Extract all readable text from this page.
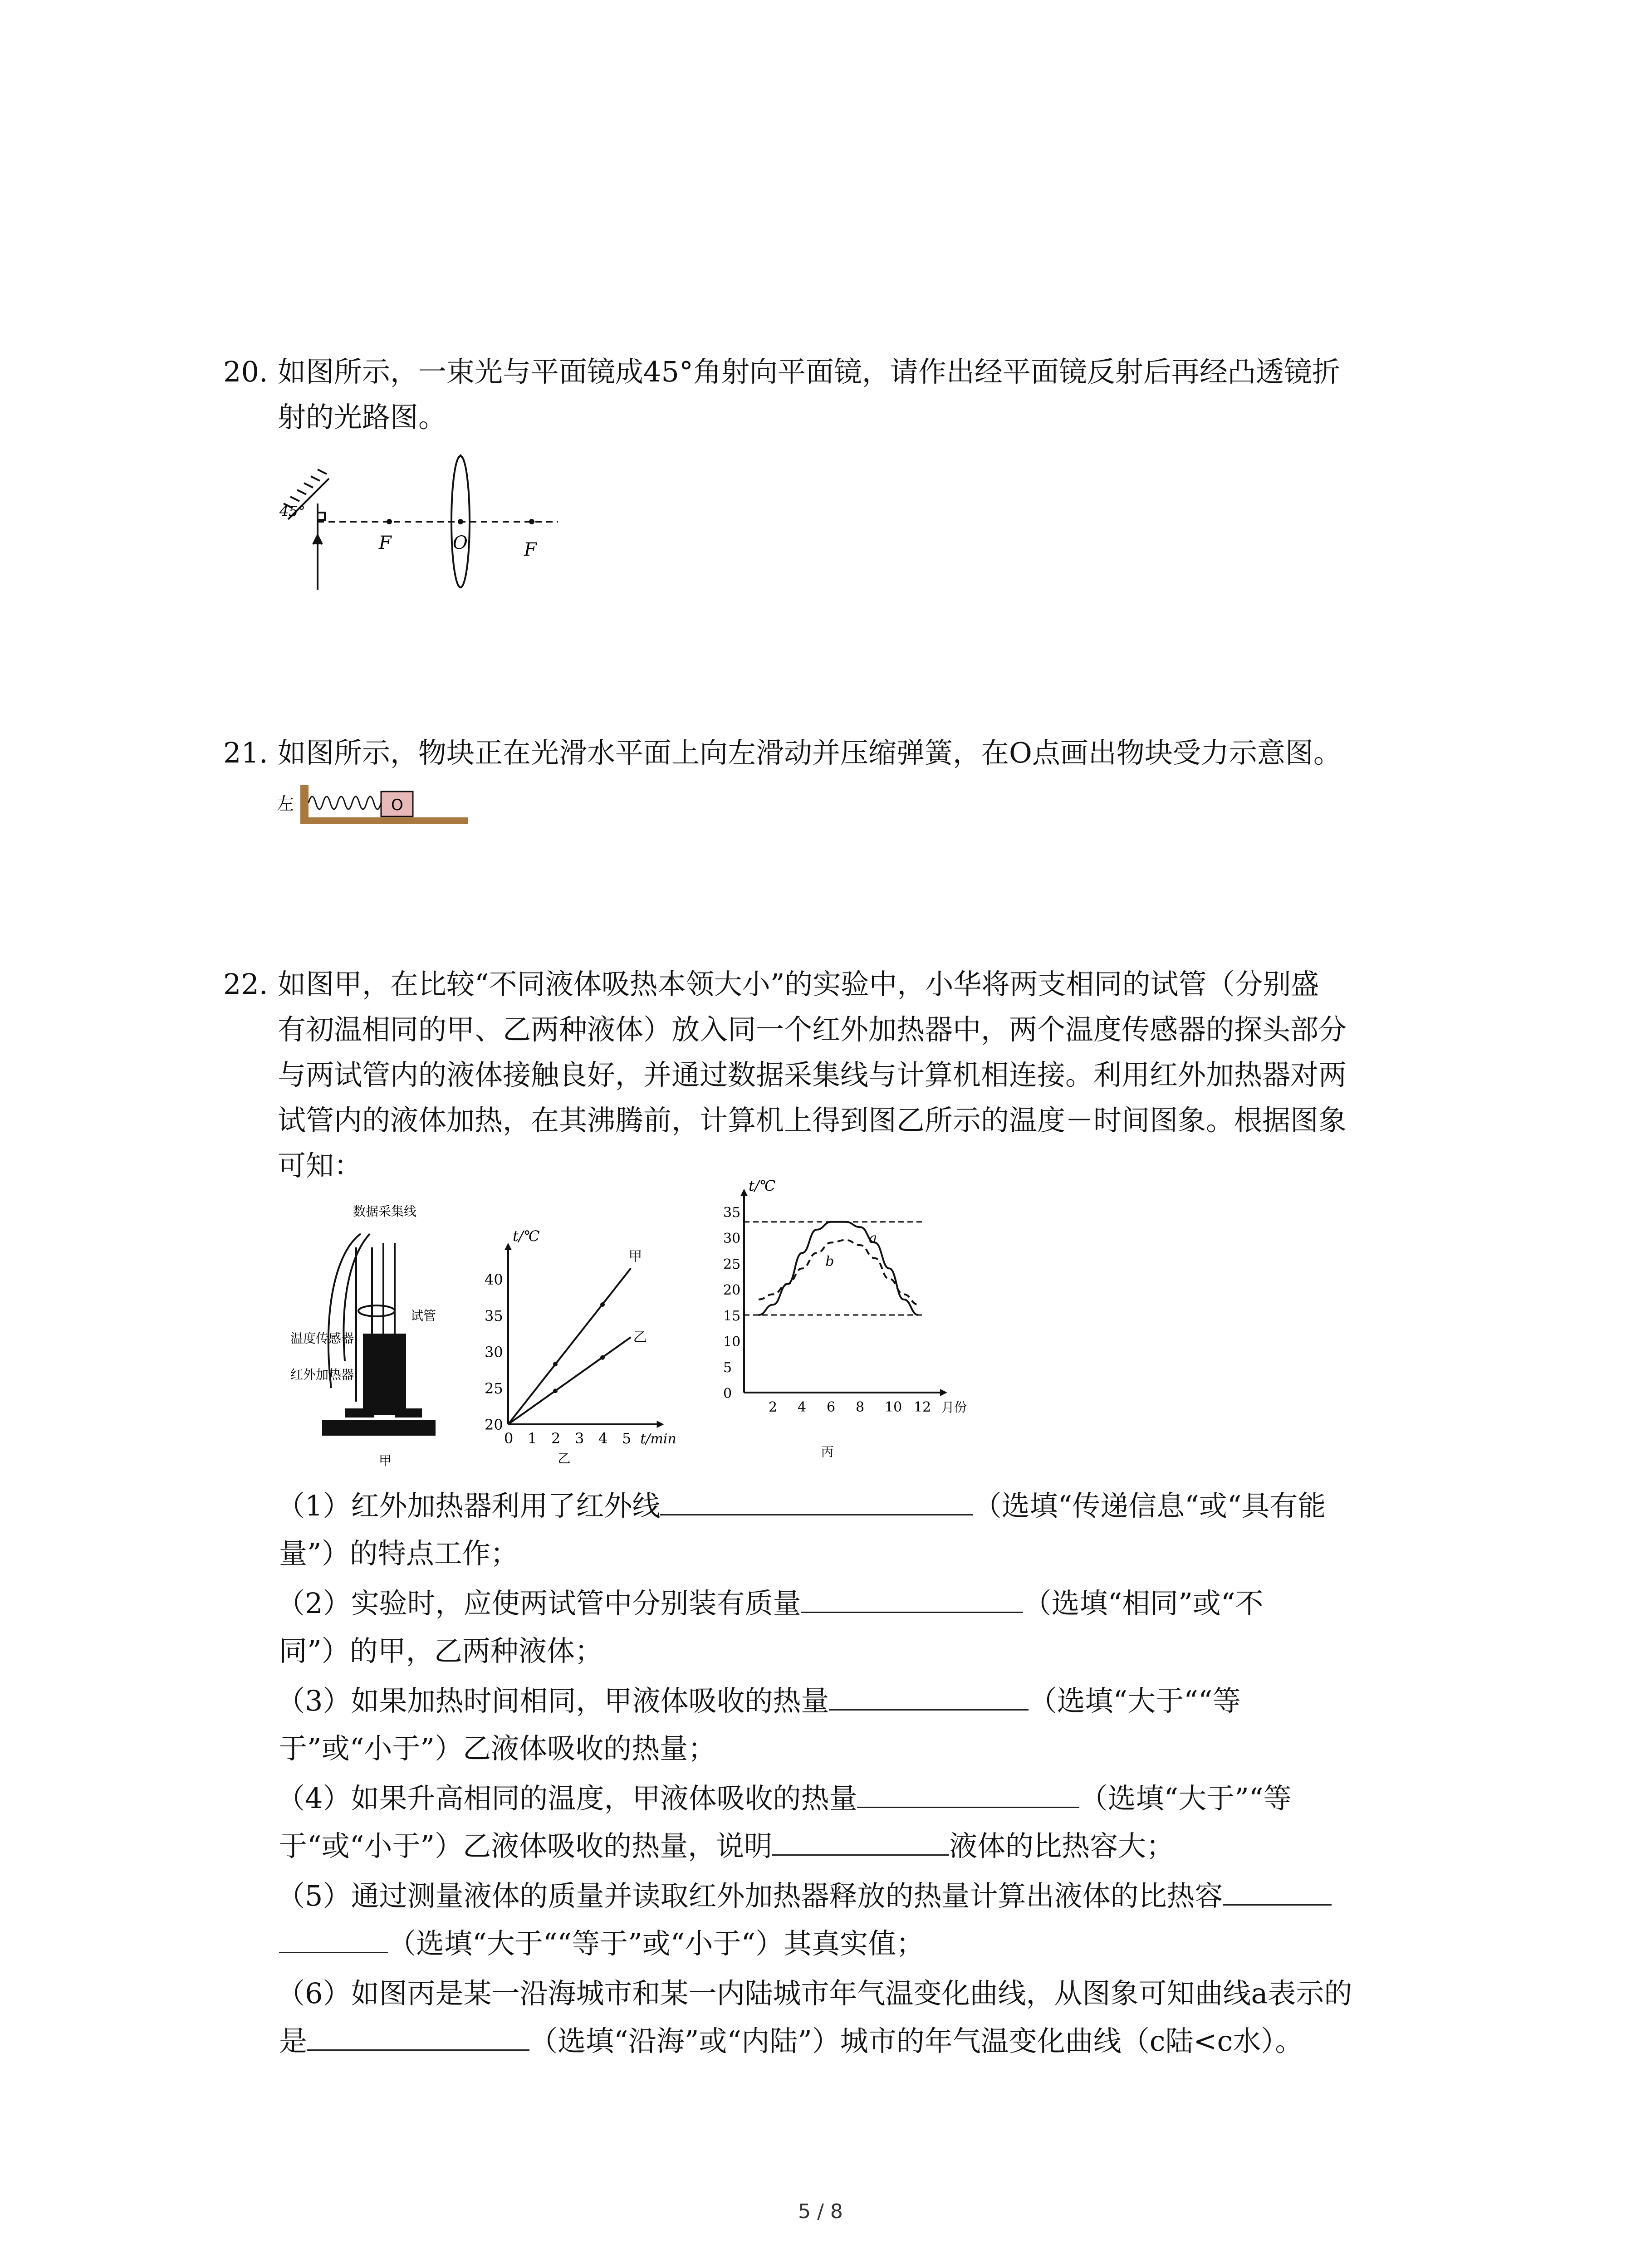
20. 如图所示，一束光与平面镜成45°角射向平面镜，请作出经平面镜反射后再经凸透镜折
射的光路图。
45°
F	O	F
21. 如图所示，物块正在光滑水平面上向左滑动并压缩弹簧，在O点画出物块受力示意图。
左	O
22. 如图甲，在比较“不同液体吸热本领大小”的实验中，小华将两支相同的试管（分别盛
有初温相同的甲、乙两种液体）放入同一个红外加热器中，两个温度传感器的探头部分
与两试管内的液体接触良好，并通过数据采集线与计算机相连接。利用红外加热器对两
试管内的液体加热，在其沸腾前，计算机上得到图乙所示的温度－时间图象。根据图象
可知：
数据采集线
试管
温度传感器
红外加热器
甲
20
25
30
35
40
0 1 2 3 4 5
t/℃
t/min
甲
乙
乙
0
5
10
15
20
25
30
35
2 4 6 8 10 12
t/℃
月份
a
b
丙
（1）红外加热器利用了红外线	（选填“传递信息“或“具有能
量”）的特点工作；
（2）实验时，应使两试管中分别装有质量	（选填“相同”或“不
同”）的甲，乙两种液体；
（3）如果加热时间相同，甲液体吸收的热量	（选填“大于““等
于”或“小于”）乙液体吸收的热量；
（4）如果升高相同的温度，甲液体吸收的热量	（选填“大于”“等
于“或“小于”）乙液体吸收的热量，说明	液体的比热容大；
（5）通过测量液体的质量并读取红外加热器释放的热量计算出液体的比热容
（选填“大于““等于”或“小于“）其真实值；
（6）如图丙是某一沿海城市和某一内陆城市年气温变化曲线，从图象可知曲线a表示的
是	（选填“沿海”或“内陆”）城市的年气温变化曲线（c陆<c水）。
5 / 8
